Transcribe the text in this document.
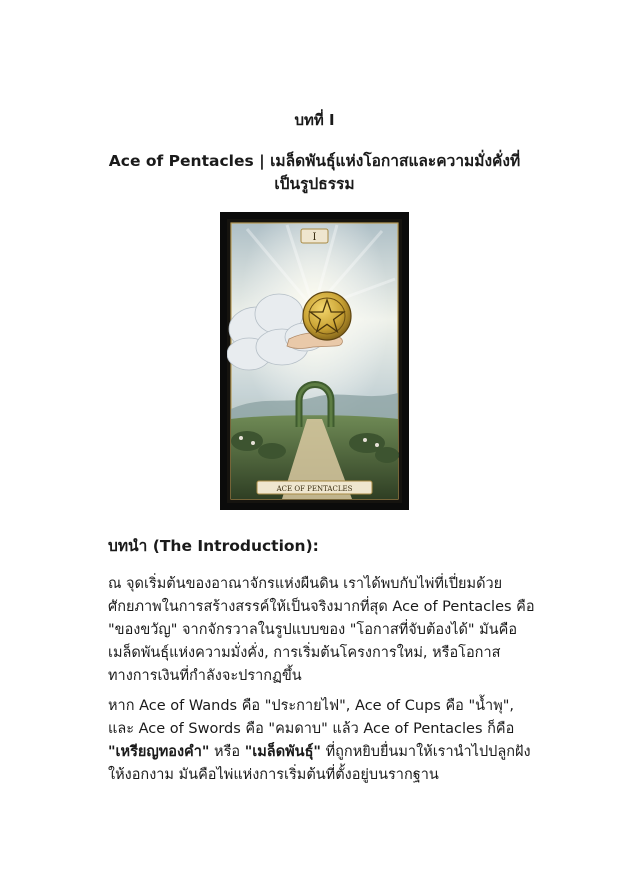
บทที่ I
Ace of Pentacles | เมล็ดพันธุ์แห่งโอกาสและความมั่งคั่งที่เป็นรูปธรรม
I
ACE OF PENTACLES
บทนำ (The Introduction):

ณ จุดเริ่มต้นของอาณาจักรแห่งผืนดิน เราได้พบกับไพ่ที่เปี่ยมด้วยศักยภาพในการสร้างสรรค์ให้เป็นจริงมากที่สุด Ace of Pentacles คือ "ของขวัญ" จากจักรวาลในรูปแบบของ "โอกาสที่จับต้องได้" มันคือเมล็ดพันธุ์แห่งความมั่งคั่ง, การเริ่มต้นโครงการใหม่, หรือโอกาสทางการเงินที่กำลังจะปรากฏขึ้น

หาก Ace of Wands คือ "ประกายไฟ", Ace of Cups คือ "น้ำพุ", และ Ace of Swords คือ "คมดาบ" แล้ว Ace of Pentacles ก็คือ "เหรียญทองคำ" หรือ "เมล็ดพันธุ์" ที่ถูกหยิบยื่นมาให้เรานำไปปลูกฝังให้งอกงาม มันคือไพ่แห่งการเริ่มต้นที่ตั้งอยู่บนรากฐาน
